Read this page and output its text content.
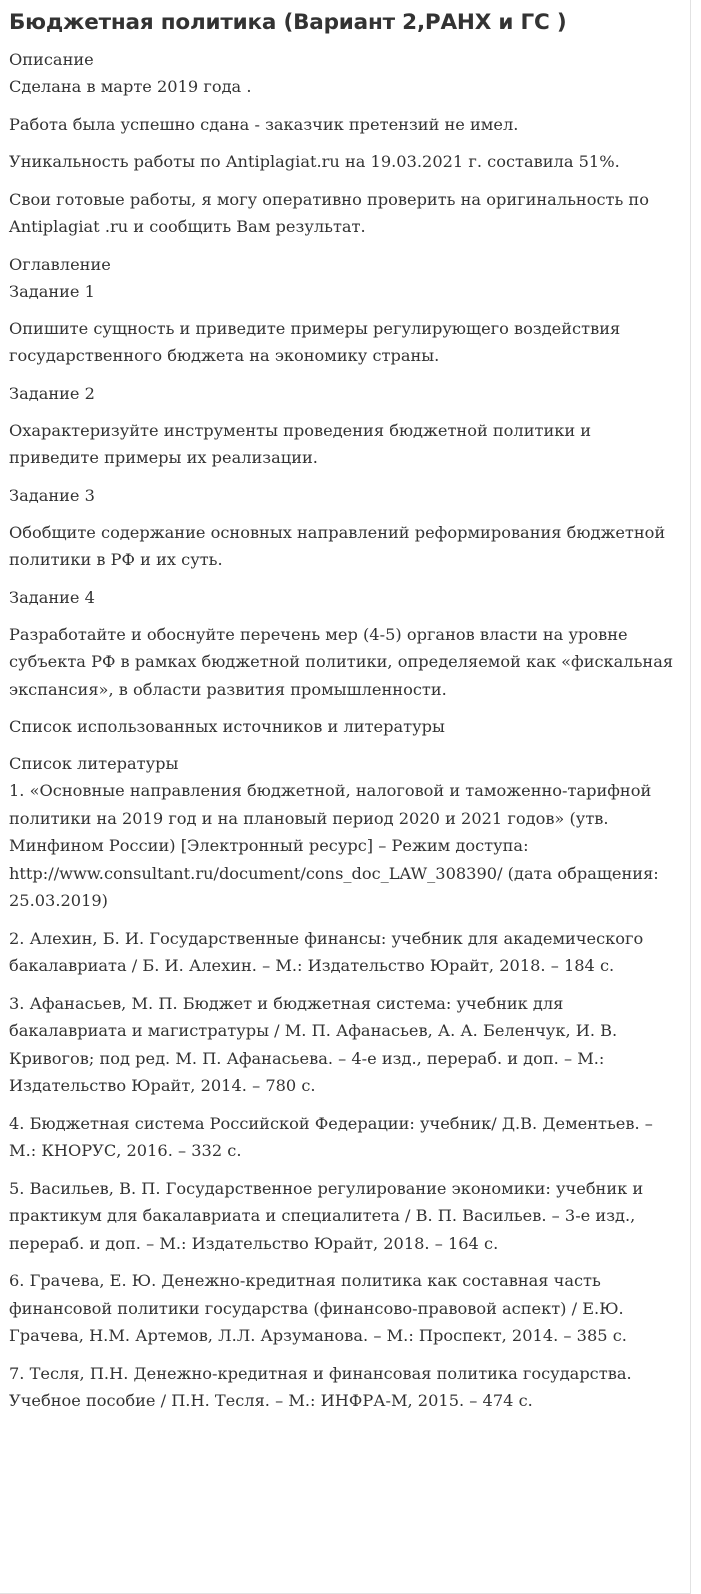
Бюджетная политика (Вариант 2,РАНХ и ГС )
Описание

Сделана в марте 2019 года .

Работа была успешно сдана - заказчик претензий не имел.

Уникальность работы по Antiplagiat.ru на 19.03.2021 г. составила 51%.

Свои готовые работы, я могу оперативно проверить на оригинальность по Antiplagiat .ru и сообщить Вам результат.

Оглавление
Задание 1

Опишите сущность и приведите примеры регулирующего воздействия государственного бюджета на экономику страны.

Задание 2

Охарактеризуйте инструменты проведения бюджетной политики и приведите примеры их реализации.

Задание 3

Обобщите содержание основных направлений реформирования бюджетной политики в РФ и их суть.

Задание 4

Разработайте и обоснуйте перечень мер (4-5) органов власти на уровне субъекта РФ в рамках бюджетной политики, определяемой как «фискальная экспансия», в области развития промышленности.

Список использованных источников и литературы
Список литературы

1. «Основные направления бюджетной, налоговой и таможенно-тарифной политики на 2019 год и на плановый период 2020 и 2021 годов» (утв. Минфином России) [Электронный ресурс] – Режим доступа: http://www.consultant.ru/document/cons_doc_LAW_308390/ (дата обращения: 25.03.2019)

2. Алехин, Б. И. Государственные финансы: учебник для академического бакалавриата / Б. И. Алехин. – М.: Издательство Юрайт, 2018. – 184 с.

3. Афанасьев, М. П. Бюджет и бюджетная система: учебник для бакалавриата и магистратуры / М. П. Афанасьев, А. А. Беленчук, И. В. Кривогов; под ред. М. П. Афанасьева. – 4-е изд., перераб. и доп. – М.: Издательство Юрайт, 2014. – 780 с.

4. Бюджетная система Российской Федерации: учебник/ Д.В. Дементьев. – М.: КНОРУС, 2016. – 332 с.

5. Васильев, В. П. Государственное регулирование экономики: учебник и практикум для бакалавриата и специалитета / В. П. Васильев. – 3-е изд., перераб. и доп. – М.: Издательство Юрайт, 2018. – 164 с.

6. Грачева, Е. Ю. Денежно-кредитная политика как составная часть финансовой политики государства (финансово-правовой аспект) / Е.Ю. Грачева, Н.М. Артемов, Л.Л. Арзуманова. – М.: Проспект, 2014. – 385 с.

7. Тесля, П.Н. Денежно-кредитная и финансовая политика государства. Учебное пособие / П.Н. Тесля. – М.: ИНФРА-М, 2015. – 474 с.
